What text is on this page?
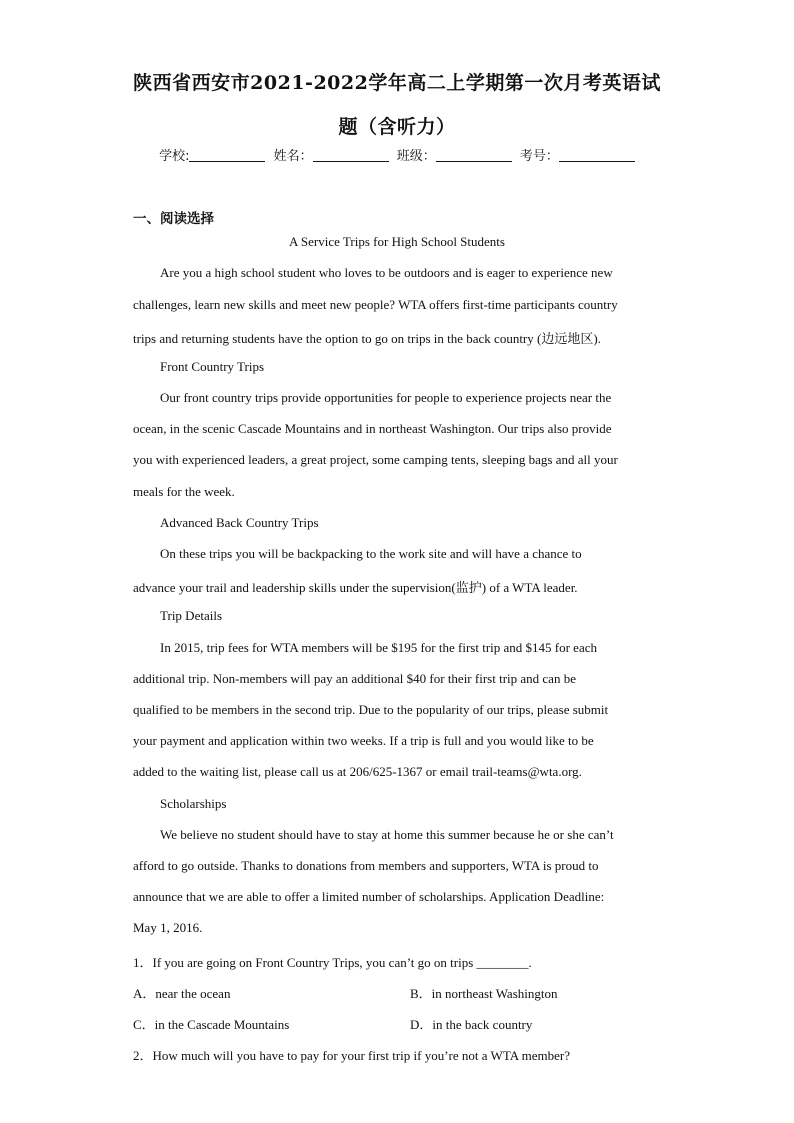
陕西省西安市2021-2022学年高二上学期第一次月考英语试
题（含听力）
学校:	姓名：	班级：	考号：
一、阅读选择
A Service Trips for High School Students
Are you a high school student who loves to be outdoors and is eager to experience new
challenges, learn new skills and meet new people? WTA offers first-time participants country
trips and returning students have the option to go on trips in the back country (边远地区).
Front Country Trips
Our front country trips provide opportunities for people to experience projects near the
ocean, in the scenic Cascade Mountains and in northeast Washington. Our trips also provide
you with experienced leaders, a great project, some camping tents, sleeping bags and all your
meals for the week.
Advanced Back Country Trips
On these trips you will be backpacking to the work site and will have a chance to
advance your trail and leadership skills under the supervision(监护) of a WTA leader.
Trip Details
In 2015, trip fees for WTA members will be $195 for the first trip and $145 for each
additional trip. Non-members will pay an additional $40 for their first trip and can be
qualified to be members in the second trip. Due to the popularity of our trips, please submit
your payment and application within two weeks. If a trip is full and you would like to be
added to the waiting list, please call us at 206/625-1367 or email trail-teams@wta.org.
Scholarships
We believe no student should have to stay at home this summer because he or she can’t
afford to go outside. Thanks to donations from members and supporters, WTA is proud to
announce that we are able to offer a limited number of scholarships. Application Deadline:
May 1, 2016.
1．If you are going on Front Country Trips, you can’t go on trips ________.
A．near the ocean	B．in northeast Washington
C．in the Cascade Mountains	D．in the back country
2．How much will you have to pay for your first trip if you’re not a WTA member?
